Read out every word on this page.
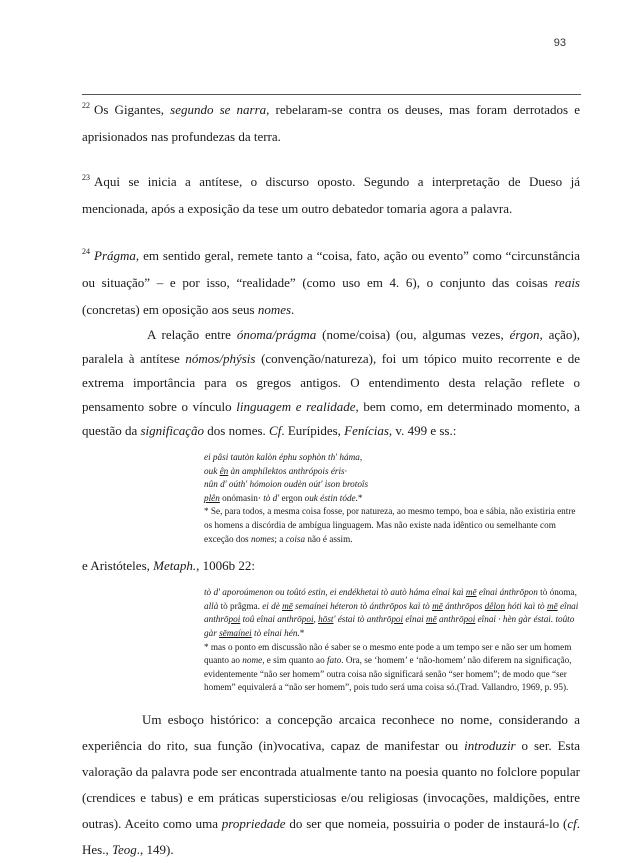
93
$^{22}$ Os Gigantes, segundo se narra, rebelaram-se contra os deuses, mas foram derrotados e aprisionados nas profundezas da terra.
$^{23}$ Aqui se inicia a antítese, o discurso oposto. Segundo a interpretação de Dueso já mencionada, após a exposição da tese um outro debatedor tomaria agora a palavra.
$^{24}$ Prágma, em sentido geral, remete tanto a “coisa, fato, ação ou evento” como “circunstância ou situação” – e por isso, “realidade” (como uso em 4. 6), o conjunto das coisas reais (concretas) em oposição aos seus nomes.
A relação entre ónoma/prágma (nome/coisa) (ou, algumas vezes, érgon, ação), paralela à antítese nómos/phýsis (convenção/natureza), foi um tópico muito recorrente e de extrema importância para os gregos antigos. O entendimento desta relação reflete o pensamento sobre o vínculo linguagem e realidade, bem como, em determinado momento, a questão da significação dos nomes. Cf. Eurípides, Fenícias, v. 499 e ss.:
ei pâsi tautòn kalòn éphu sophòn th' háma,
ouk ên àn amphílektos anthrópois éris·
nûn d' oúth' hómoion oudèn oút' ison brotoîs
plên onómasin· tò d' ergon ouk éstin tóde.*
* Se, para todos, a mesma coisa fosse, por natureza, ao mesmo tempo, boa e sábia, não existiria entre os homens a discórdia de ambígua linguagem. Mas não existe nada idêntico ou semelhante com exceção dos nomes; a coisa não é assim.
e Aristóteles, Metaph., 1006b 22:
tò d' aporoúmenon ou toûtó estin, ei endékhetai tò autò háma eînai kaì mē eînai ánthrōpon tò ónoma, allà tò prâgma. ei dè mē semaínei héteron tò ánthrōpos kaì tò mē ánthrōpos dêlon hóti kaì tò mē eînai anthrōpoi toû eînai anthrōpoi, hōst' éstai tò anthrōpoi eînai mē anthrōpoi eînai · hèn gàr éstai. toûto gàr sēmaínei tò eînai hén.*
* mas o ponto em discussão não é saber se o mesmo ente pode a um tempo ser e não ser um homem quanto ao nome, e sim quanto ao fato. Ora, se ‘homem’ e ‘não-homem’ não diferem na significação, evidentemente “não ser homem” outra coisa não significará senão “ser homem”; de modo que “ser homem” equivalerá a “não ser homem”, pois tudo será uma coisa só.(Trad. Vallandro, 1969, p. 95).
Um esboço histórico: a concepção arcaica reconhece no nome, considerando a experiência do rito, sua função (in)vocativa, capaz de manifestar ou introduzir o ser. Esta valoração da palavra pode ser encontrada atualmente tanto na poesia quanto no folclore popular (crendices e tabus) e em práticas supersticiosas e/ou religiosas (invocações, maldições, entre outras). Aceito como uma propriedade do ser que nomeia, possuiria o poder de instaurá-lo (cf. Hes., Teog., 149).
